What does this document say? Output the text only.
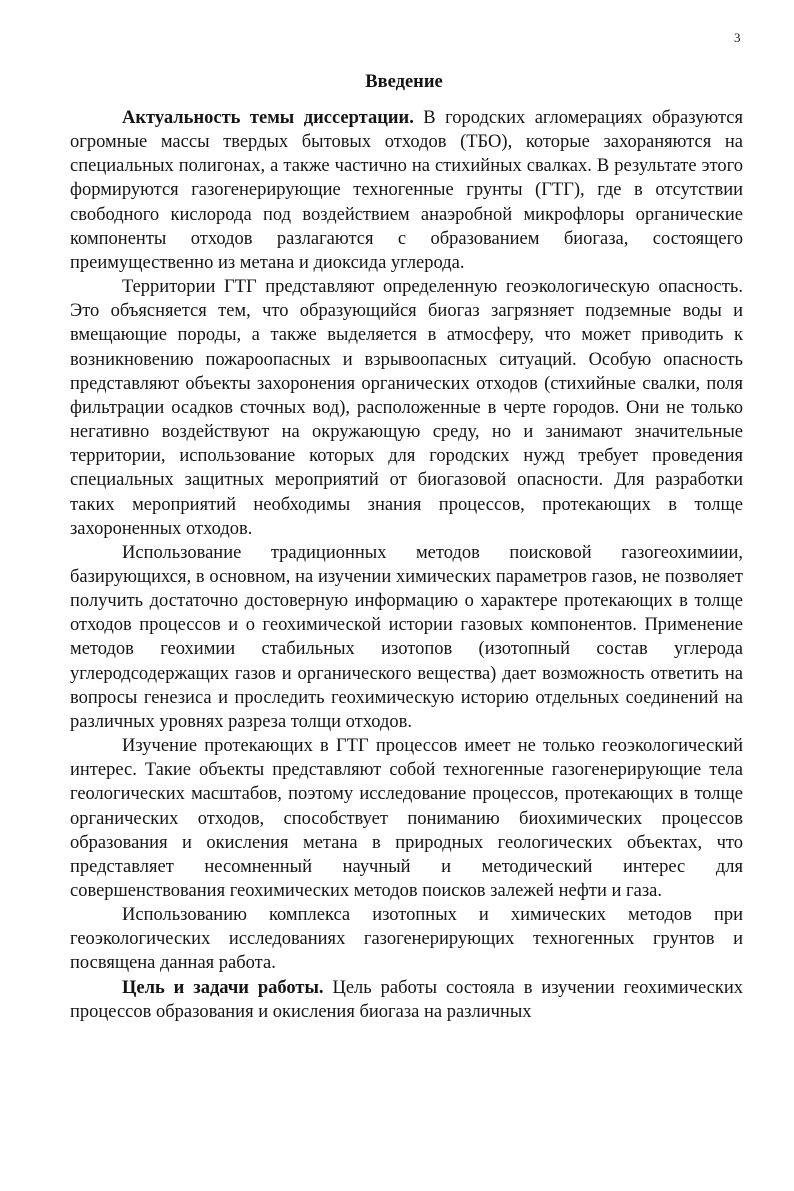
3
Введение

Актуальность темы диссертации. В городских агломерациях образуются огромные массы твердых бытовых отходов (ТБО), которые захораняются на специальных полигонах, а также частично на стихийных свалках. В результате этого формируются газогенерирующие техногенные грунты (ГТГ), где в отсутствии свободного кислорода под воздействием анаэробной микрофлоры органические компоненты отходов разлагаются с образованием биогаза, состоящего преимущественно из метана и диоксида углерода.

Территории ГТГ представляют определенную геоэкологическую опасность. Это объясняется тем, что образующийся биогаз загрязняет подземные воды и вмещающие породы, а также выделяется в атмосферу, что может приводить к возникновению пожароопасных и взрывоопасных ситуаций. Особую опасность представляют объекты захоронения органических отходов (стихийные свалки, поля фильтрации осадков сточных вод), расположенные в черте городов. Они не только негативно воздействуют на окружающую среду, но и занимают значительные территории, использование которых для городских нужд требует проведения специальных защитных мероприятий от биогазовой опасности. Для разработки таких мероприятий необходимы знания процессов, протекающих в толще захороненных отходов.

Использование традиционных методов поисковой газогеохимиии, базирующихся, в основном, на изучении химических параметров газов, не позволяет получить достаточно достоверную информацию о характере протекающих в толще отходов процессов и о геохимической истории газовых компонентов. Применение методов геохимии стабильных изотопов (изотопный состав углерода углеродсодержащих газов и органического вещества) дает возможность ответить на вопросы генезиса и проследить геохимическую историю отдельных соединений на различных уровнях разреза толщи отходов.

Изучение протекающих в ГТГ процессов имеет не только геоэкологический интерес. Такие объекты представляют собой техногенные газогенерирующие тела геологических масштабов, поэтому исследование процессов, протекающих в толще органических отходов, способствует пониманию биохимических процессов образования и окисления метана в природных геологических объектах, что представляет несомненный научный и методический интерес для совершенствования геохимических методов поисков залежей нефти и газа.

Использованию комплекса изотопных и химических методов при геоэкологических исследованиях газогенерирующих техногенных грунтов и посвящена данная работа.

Цель и задачи работы. Цель работы состояла в изучении геохимических процессов образования и окисления биогаза на различных
